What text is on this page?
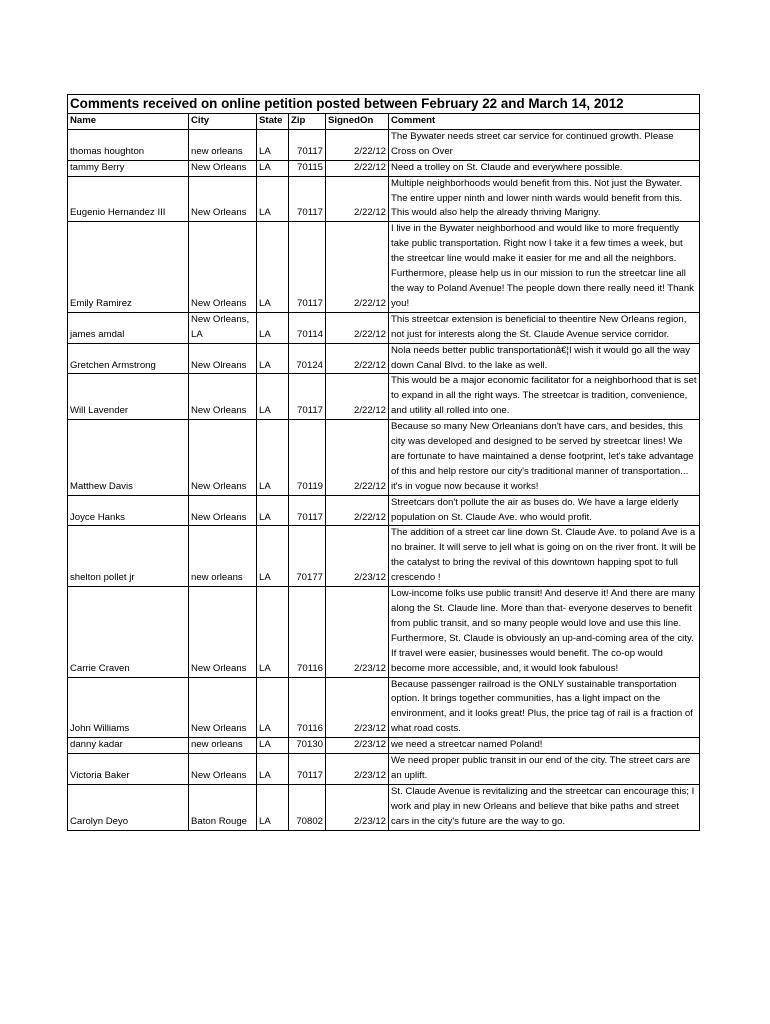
Comments received on online petition posted between February 22 and March 14, 2012
Name	City	State	Zip	SignedOn	Comment
thomas houghton	new orleans	LA	70117	2/22/12	The Bywater needs street car service for continued growth. Please Cross on Over
tammy Berry	New Orleans	LA	70115	2/22/12	Need a trolley on St. Claude and everywhere possible.
Eugenio Hernandez III	New Orleans	LA	70117	2/22/12	Multiple neighborhoods would benefit from this. Not just the Bywater. The entire upper ninth and lower ninth wards would benefit from this. This would also help the already thriving Marigny.
Emily Ramirez	New Orleans	LA	70117	2/22/12	I live in the Bywater neighborhood and would like to more frequently take public transportation. Right now I take it a few times a week, but the streetcar line would make it easier for me and all the neighbors. Furthermore, please help us in our mission to run the streetcar line all the way to Poland Avenue! The people down there really need it! Thank you!
james amdal	New Orleans, LA	LA	70114	2/22/12	This streetcar extension is beneficial to theentire New Orleans region, not just for interests along the St. Claude Avenue service corridor.
Gretchen Armstrong	New Olreans	LA	70124	2/22/12	Nola needs better public transportationâ€¦I wish it would go all the way down Canal Blvd. to the lake as well.
Will Lavender	New Orleans	LA	70117	2/22/12	This would be a major economic facilitator for a neighborhood that is set to expand in all the right ways. The streetcar is tradition, convenience, and utility all rolled into one.
Matthew Davis	New Orleans	LA	70119	2/22/12	Because so many New Orleanians don't have cars, and besides, this city was developed and designed to be served by streetcar lines! We are fortunate to have maintained a dense footprint, let's take advantage of this and help restore our city's traditional manner of transportation... it's in vogue now because it works!
Joyce Hanks	New Orleans	LA	70117	2/22/12	Streetcars don't pollute the air as buses do. We have a large elderly population on St. Claude Ave. who would profit.
shelton pollet jr	new orleans	LA	70177	2/23/12	The addition of a street car line down St. Claude Ave. to poland Ave is a no brainer. It will serve to jell what is going on on the river front. It will be the catalyst to bring the revival of this downtown happing spot to full crescendo !
Carrie Craven	New Orleans	LA	70116	2/23/12	Low-income folks use public transit! And deserve it! And there are many along the St. Claude line. More than that- everyone deserves to benefit from public transit, and so many people would love and use this line. Furthermore, St. Claude is obviously an up-and-coming area of the city. If travel were easier, businesses would benefit. The co-op would become more accessible, and, it would look fabulous!
John Williams	New Orleans	LA	70116	2/23/12	Because passenger railroad is the ONLY sustainable transportation option. It brings together communities, has a light impact on the environment, and it looks great! Plus, the price tag of rail is a fraction of what road costs.
danny kadar	new orleans	LA	70130	2/23/12	we need a streetcar named Poland!
Victoria Baker	New Orleans	LA	70117	2/23/12	We need proper public transit in our end of the city. The street cars are an uplift.
Carolyn Deyo	Baton Rouge	LA	70802	2/23/12	St. Claude Avenue is revitalizing and the streetcar can encourage this; I work and play in new Orleans and believe that bike paths and street cars in the city's future are the way to go.
